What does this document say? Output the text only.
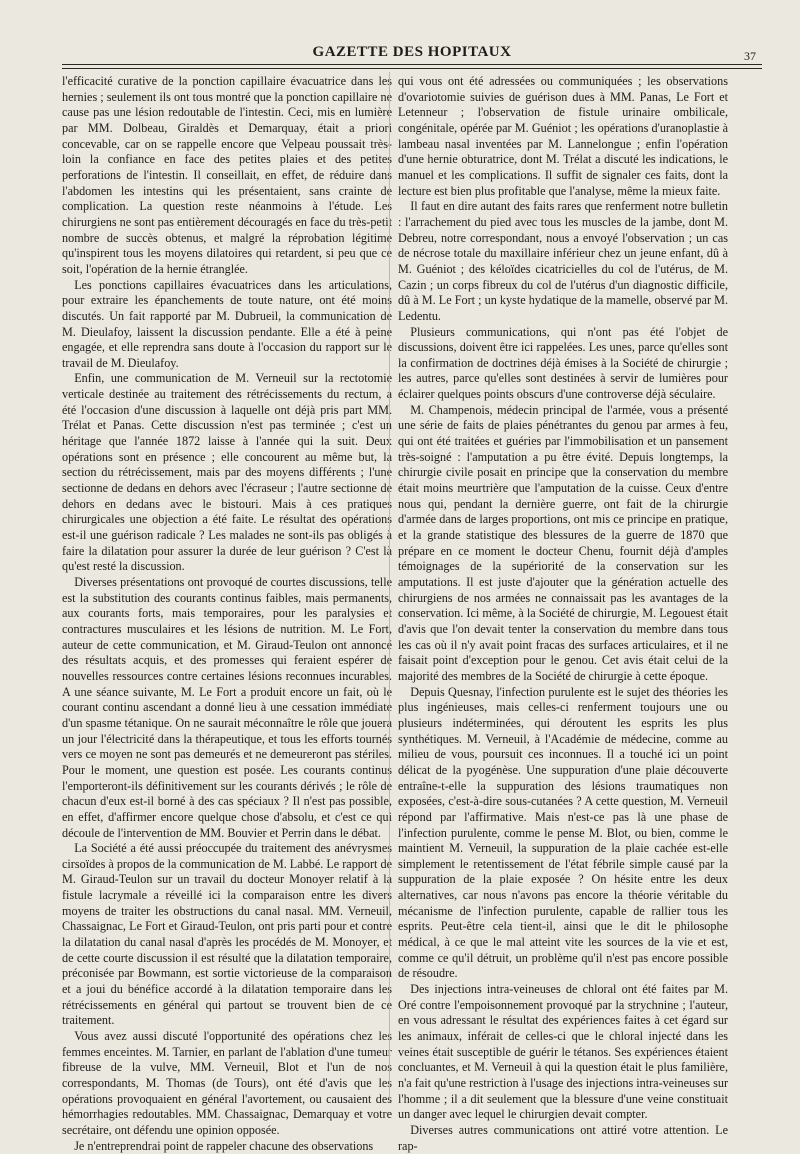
GAZETTE DES HOPITAUX	37

l'efficacité curative de la ponction capillaire évacuatrice dans les hernies ; seulement ils ont tous montré que la ponction capillaire ne cause pas une lésion redoutable de l'intestin. Ceci, mis en lumière par MM. Dolbeau, Giraldès et Demarquay, était a priori concevable, car on se rappelle encore que Velpeau poussait très-loin la confiance en face des petites plaies et des petites perforations de l'intestin. Il conseillait, en effet, de réduire dans l'abdomen les intestins qui les présentaient, sans crainte de complication. La question reste néanmoins à l'étude. Les chirurgiens ne sont pas entièrement découragés en face du très-petit nombre de succès obtenus, et malgré la réprobation légitime qu'inspirent tous les moyens dilatoires qui retardent, si peu que ce soit, l'opération de la hernie étranglée.

Les ponctions capillaires évacuatrices dans les articulations, pour extraire les épanchements de toute nature, ont été moins discutés. Un fait rapporté par M. Dubrueil, la communication de M. Dieulafoy, laissent la discussion pendante. Elle a été à peine engagée, et elle reprendra sans doute à l'occasion du rapport sur le travail de M. Dieulafoy.

Enfin, une communication de M. Verneuil sur la rectotomie verticale destinée au traitement des rétrécissements du rectum, a été l'occasion d'une discussion à laquelle ont déjà pris part MM. Trélat et Panas. Cette discussion n'est pas terminée ; c'est un héritage que l'année 1872 laisse à l'année qui la suit. Deux opérations sont en présence ; elle concourent au même but, la section du rétrécissement, mais par des moyens différents ; l'une sectionne de dedans en dehors avec l'écraseur ; l'autre sectionne de dehors en dedans avec le bistouri. Mais à ces pratiques chirurgicales une objection a été faite. Le résultat des opérations est-il une guérison radicale ? Les malades ne sont-ils pas obligés à faire la dilatation pour assurer la durée de leur guérison ? C'est là qu'est resté la discussion.

Diverses présentations ont provoqué de courtes discussions, telle est la substitution des courants continus faibles, mais permanents, aux courants forts, mais temporaires, pour les paralysies et contractures musculaires et les lésions de nutrition. M. Le Fort, auteur de cette communication, et M. Giraud-Teulon ont annoncé des résultats acquis, et des promesses qui feraient espérer de nouvelles ressources contre certaines lésions reconnues incurables. A une séance suivante, M. Le Fort a produit encore un fait, où le courant continu ascendant a donné lieu à une cessation immédiate d'un spasme tétanique. On ne saurait méconnaître le rôle que jouera un jour l'électricité dans la thérapeutique, et tous les efforts tournés vers ce moyen ne sont pas demeurés et ne demeureront pas stériles. Pour le moment, une question est posée. Les courants continus l'emporteront-ils définitivement sur les courants dérivés ; le rôle de chacun d'eux est-il borné à des cas spéciaux ? Il n'est pas possible, en effet, d'affirmer encore quelque chose d'absolu, et c'est ce qui découle de l'intervention de MM. Bouvier et Perrin dans le débat.

La Société a été aussi préoccupée du traitement des anévrysmes cirsoïdes à propos de la communication de M. Labbé. Le rapport de M. Giraud-Teulon sur un travail du docteur Monoyer relatif à la fistule lacrymale a réveillé ici la comparaison entre les divers moyens de traiter les obstructions du canal nasal. MM. Verneuil, Chassaignac, Le Fort et Giraud-Teulon, ont pris parti pour et contre la dilatation du canal nasal d'après les procédés de M. Monoyer, et de cette courte discussion il est résulté que la dilatation temporaire, préconisée par Bowmann, est sortie victorieuse de la comparaison et a joui du bénéfice accordé à la dilatation temporaire dans les rétrécissements en général qui partout se trouvent bien de ce traitement.

Vous avez aussi discuté l'opportunité des opérations chez les femmes enceintes. M. Tarnier, en parlant de l'ablation d'une tumeur fibreuse de la vulve, MM. Verneuil, Blot et l'un de nos correspondants, M. Thomas (de Tours), ont été d'avis que les opérations provoquaient en général l'avortement, ou causaient des hémorrhagies redoutables. MM. Chassaignac, Demarquay et votre secrétaire, ont défendu une opinion opposée.

Je n'entreprendrai point de rappeler chacune des observations

qui vous ont été adressées ou communiquées ; les observations d'ovariotomie suivies de guérison dues à MM. Panas, Le Fort et Letenneur ; l'observation de fistule urinaire ombilicale, congénitale, opérée par M. Guéniot ; les opérations d'uranoplastie à lambeau nasal inventées par M. Lannelongue ; enfin l'opération d'une hernie obturatrice, dont M. Trélat a discuté les indications, le manuel et les complications. Il suffit de signaler ces faits, dont la lecture est bien plus profitable que l'analyse, même la mieux faite.

Il faut en dire autant des faits rares que renferment notre bulletin : l'arrachement du pied avec tous les muscles de la jambe, dont M. Debreu, notre correspondant, nous a envoyé l'observation ; un cas de nécrose totale du maxillaire inférieur chez un jeune enfant, dû à M. Guéniot ; des kéloïdes cicatricielles du col de l'utérus, de M. Cazin ; un corps fibreux du col de l'utérus d'un diagnostic difficile, dû à M. Le Fort ; un kyste hydatique de la mamelle, observé par M. Ledentu.

Plusieurs communications, qui n'ont pas été l'objet de discussions, doivent être ici rappelées. Les unes, parce qu'elles sont la confirmation de doctrines déjà émises à la Société de chirurgie ; les autres, parce qu'elles sont destinées à servir de lumières pour éclairer quelques points obscurs d'une controverse déjà séculaire.

M. Champenois, médecin principal de l'armée, vous a présenté une série de faits de plaies pénétrantes du genou par armes à feu, qui ont été traitées et guéries par l'immobilisation et un pansement très-soigné : l'amputation a pu être évité. Depuis longtemps, la chirurgie civile posait en principe que la conservation du membre était moins meurtrière que l'amputation de la cuisse. Ceux d'entre nous qui, pendant la dernière guerre, ont fait de la chirurgie d'armée dans de larges proportions, ont mis ce principe en pratique, et la grande statistique des blessures de la guerre de 1870 que prépare en ce moment le docteur Chenu, fournit déjà d'amples témoignages de la supériorité de la conservation sur les amputations. Il est juste d'ajouter que la génération actuelle des chirurgiens de nos armées ne connaissait pas les avantages de la conservation. Ici même, à la Société de chirurgie, M. Legouest était d'avis que l'on devait tenter la conservation du membre dans tous les cas où il n'y avait point fracas des surfaces articulaires, et il ne faisait point d'exception pour le genou. Cet avis était celui de la majorité des membres de la Société de chirurgie à cette époque.

Depuis Quesnay, l'infection purulente est le sujet des théories les plus ingénieuses, mais celles-ci renferment toujours une ou plusieurs indéterminées, qui déroutent les esprits les plus synthétiques. M. Verneuil, à l'Académie de médecine, comme au milieu de vous, poursuit ces inconnues. Il a touché ici un point délicat de la pyogénèse. Une suppuration d'une plaie découverte entraîne-t-elle la suppuration des lésions traumatiques non exposées, c'est-à-dire sous-cutanées ? A cette question, M. Verneuil répond par l'affirmative. Mais n'est-ce pas là une phase de l'infection purulente, comme le pense M. Blot, ou bien, comme le maintient M. Verneuil, la suppuration de la plaie cachée est-elle simplement le retentissement de l'état fébrile simple causé par la suppuration de la plaie exposée ? On hésite entre les deux alternatives, car nous n'avons pas encore la théorie véritable du mécanisme de l'infection purulente, capable de rallier tous les esprits. Peut-être cela tient-il, ainsi que le dit le philosophe médical, à ce que le mal atteint vite les sources de la vie et est, comme ce qu'il détruit, un problème qu'il n'est pas encore possible de résoudre.

Des injections intra-veineuses de chloral ont été faites par M. Oré contre l'empoisonnement provoqué par la strychnine ; l'auteur, en vous adressant le résultat des expériences faites à cet égard sur les animaux, inférait de celles-ci que le chloral injecté dans les veines était susceptible de guérir le tétanos. Ses expériences étaient concluantes, et M. Verneuil à qui la question était le plus familière, n'a fait qu'une restriction à l'usage des injections intra-veineuses sur l'homme ; il a dit seulement que la blessure d'une veine constituait un danger avec lequel le chirurgien devait compter.

Diverses autres communications ont attiré votre attention. Le rap-
